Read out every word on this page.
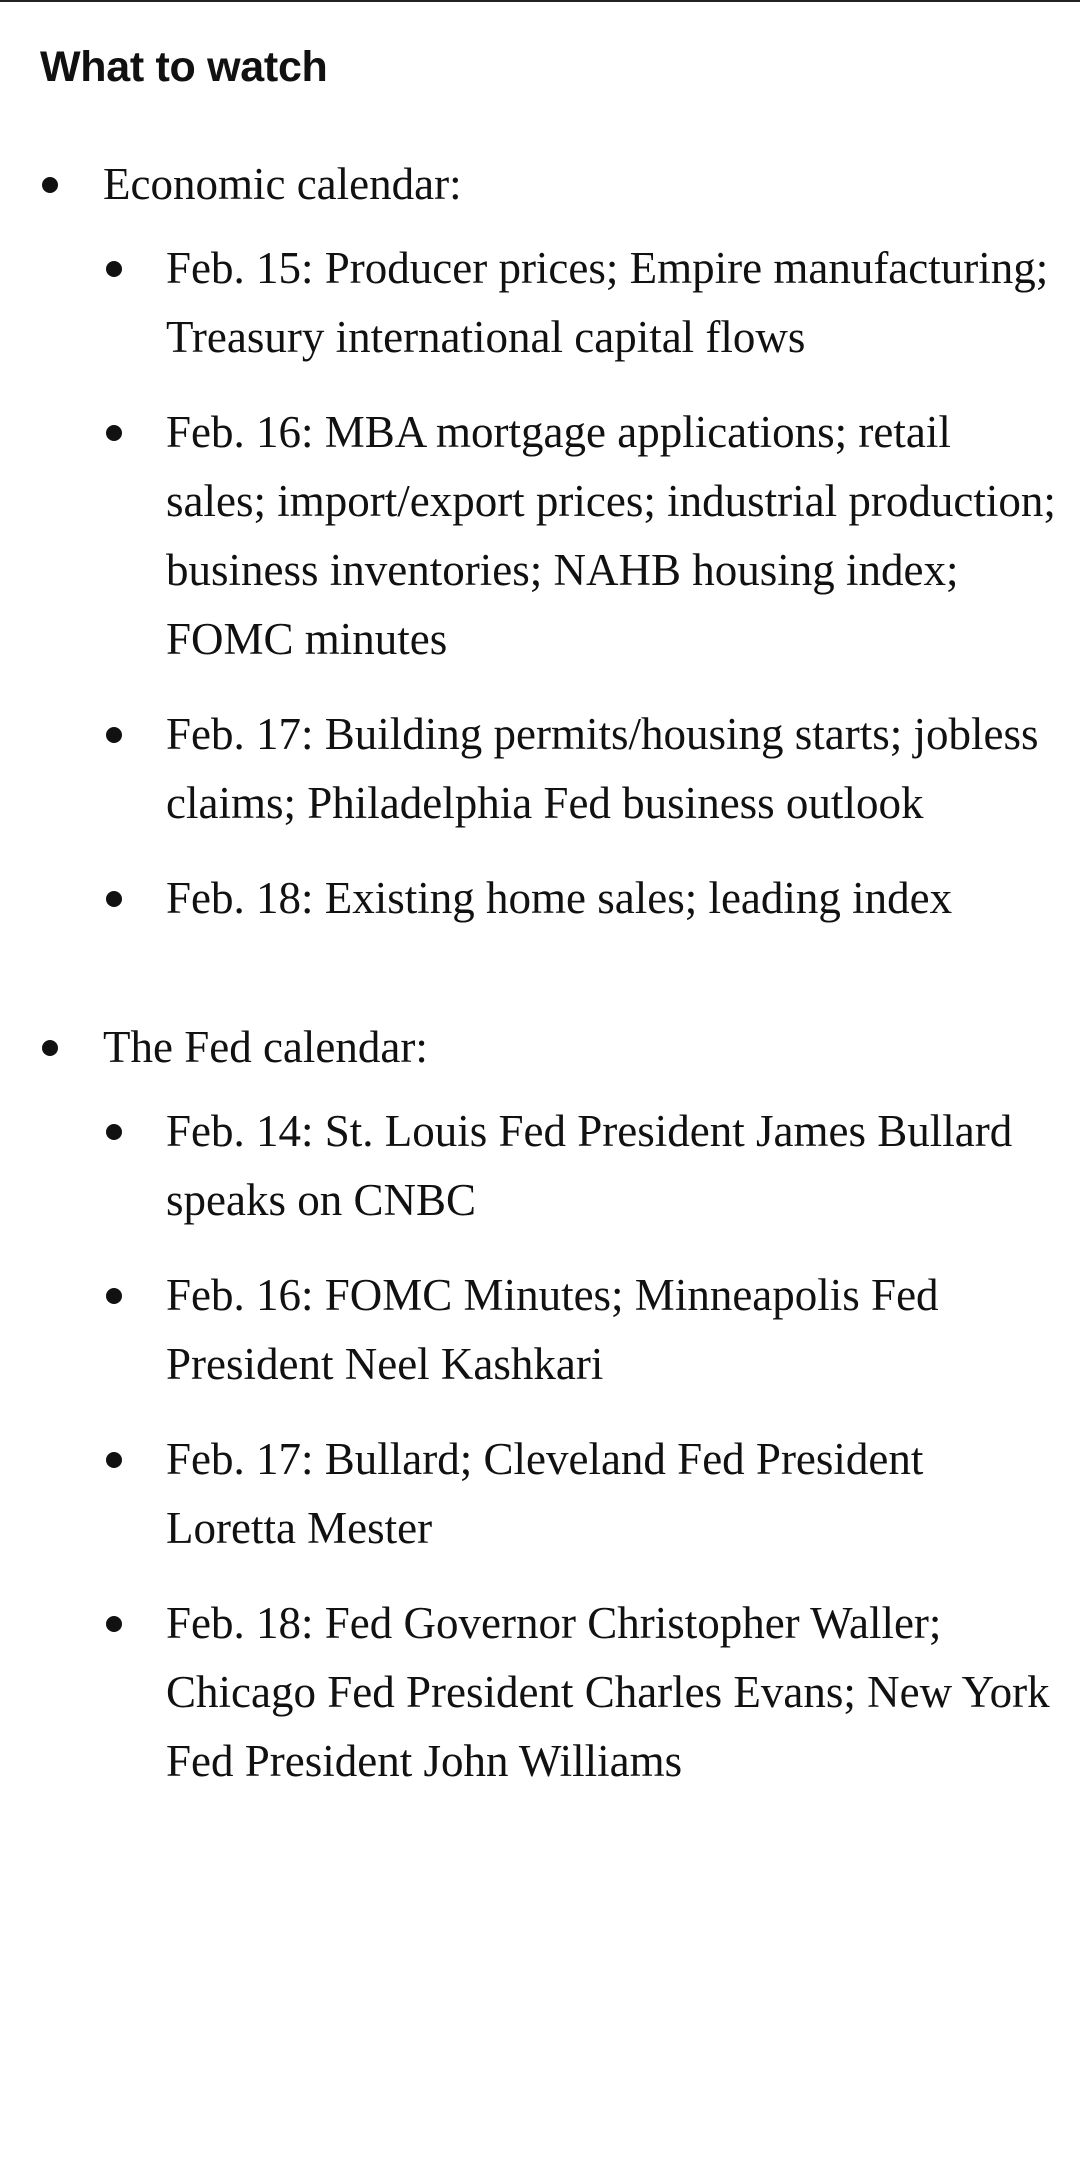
What to watch
Economic calendar:
Feb. 15: Producer prices; Empire manufacturing; Treasury international capital flows
Feb. 16: MBA mortgage applications; retail sales; import/export prices; industrial production; business inventories; NAHB housing index; FOMC minutes
Feb. 17: Building permits/housing starts; jobless claims; Philadelphia Fed business outlook
Feb. 18: Existing home sales; leading index
The Fed calendar:
Feb. 14: St. Louis Fed President James Bullard speaks on CNBC
Feb. 16: FOMC Minutes; Minneapolis Fed President Neel Kashkari
Feb. 17: Bullard; Cleveland Fed President Loretta Mester
Feb. 18: Fed Governor Christopher Waller; Chicago Fed President Charles Evans; New York Fed President John Williams
